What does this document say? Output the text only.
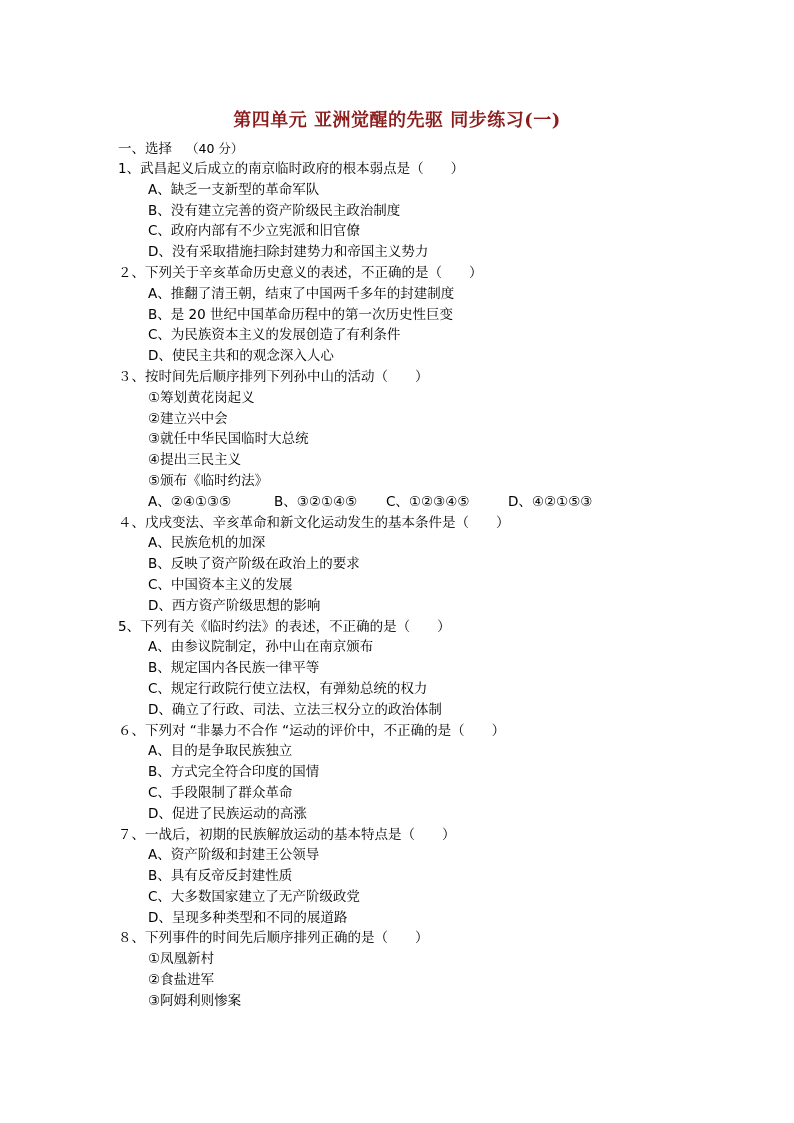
第四单元 亚洲觉醒的先驱 同步练习(一)
一、选择 （40 分）
1、武昌起义后成立的南京临时政府的根本弱点是（　　）
A、缺乏一支新型的革命军队
B、没有建立完善的资产阶级民主政治制度
C、政府内部有不少立宪派和旧官僚
D、没有采取措施扫除封建势力和帝国主义势力
２、下列关于辛亥革命历史意义的表述，不正确的是（　　）
A、推翻了清王朝，结束了中国两千多年的封建制度
B、是 20 世纪中国革命历程中的第一次历史性巨变
C、为民族资本主义的发展创造了有利条件
D、使民主共和的观念深入人心
３、按时间先后顺序排列下列孙中山的活动（　　）
①筹划黄花岗起义
②建立兴中会
③就任中华民国临时大总统
④提出三民主义
⑤颁布《临时约法》
A、②④①③⑤	B、③②①④⑤	C、①②③④⑤	D、④②①⑤③
４、戊戌变法、辛亥革命和新文化运动发生的基本条件是（　　）
A、民族危机的加深
B、反映了资产阶级在政治上的要求
C、中国资本主义的发展
D、西方资产阶级思想的影响
5、下列有关《临时约法》的表述，不正确的是（　　）
A、由参议院制定，孙中山在南京颁布
B、规定国内各民族一律平等
C、规定行政院行使立法权，有弹劾总统的权力
D、确立了行政、司法、立法三权分立的政治体制
６、下列对 “非暴力不合作 “运动的评价中，不正确的是（　　）
A、目的是争取民族独立
B、方式完全符合印度的国情
C、手段限制了群众革命
D、促进了民族运动的高涨
７、一战后，初期的民族解放运动的基本特点是（　　）
A、资产阶级和封建王公领导
B、具有反帝反封建性质
C、大多数国家建立了无产阶级政党
D、呈现多种类型和不同的展道路
８、下列事件的时间先后顺序排列正确的是（　　）
①凤凰新村
②食盐进军
③阿姆利则惨案
